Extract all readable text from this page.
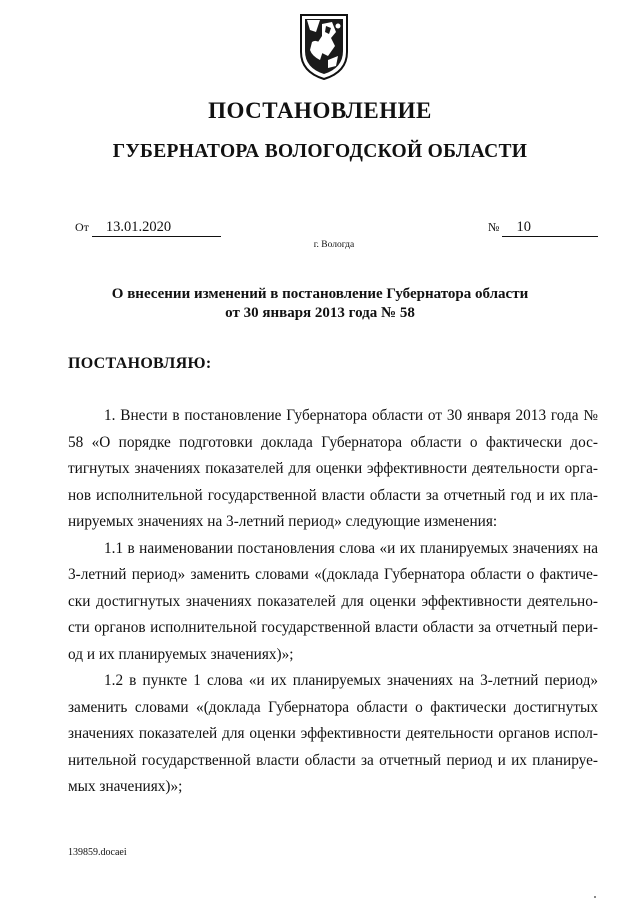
ПОСТАНОВЛЕНИЕ
ГУБЕРНАТОРА ВОЛОГОДСКОЙ ОБЛАСТИ
От 13.01.2020	№ 10
г. Вологда
О внесении изменений в постановление Губернатора области
от 30 января 2013 года № 58
ПОСТАНОВЛЯЮ:

1. Внести в постановление Губернатора области от 30 января 2013 года № 58 «О порядке подготовки доклада Губернатора области о фактически достигнутых значениях показателей для оценки эффективности деятельности органов исполнительной государственной власти области за отчетный год и их планируемых значениях на 3-летний период» следующие изменения:

1.1 в наименовании постановления слова «и их планируемых значениях на 3-летний период» заменить словами «(доклада Губернатора области о фактически достигнутых значениях показателей для оценки эффективности деятельности органов исполнительной государственной власти области за отчетный период и их планируемых значениях)»;

1.2 в пункте 1 слова «и их планируемых значениях на 3-летний период» заменить словами «(доклада Губернатора области о фактически достигнутых значениях показателей для оценки эффективности деятельности органов исполнительной государственной власти области за отчетный период и их планируемых значениях)»;

139859.docaei
